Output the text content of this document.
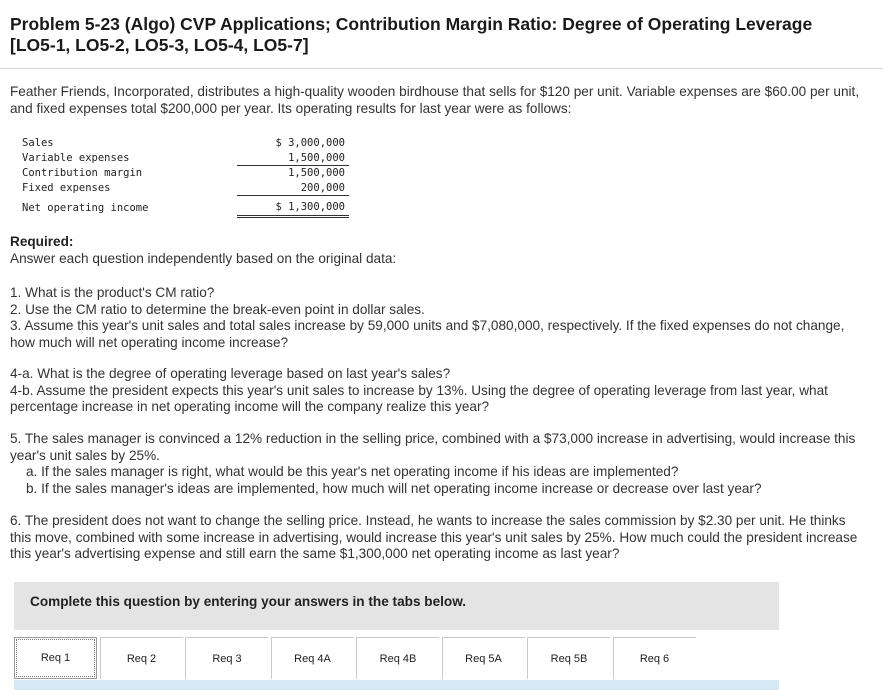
Problem 5-23 (Algo) CVP Applications; Contribution Margin Ratio: Degree of Operating Leverage [LO5-1, LO5-2, LO5-3, LO5-4, LO5-7]
Feather Friends, Incorporated, distributes a high-quality wooden birdhouse that sells for $120 per unit. Variable expenses are $60.00 per unit, and fixed expenses total $200,000 per year. Its operating results for last year were as follows:
Sales	$ 3,000,000
Variable expenses	1,500,000
Contribution margin	1,500,000
Fixed expenses	200,000
Net operating income	$ 1,300,000
Required:
Answer each question independently based on the original data:

1. What is the product's CM ratio?

2. Use the CM ratio to determine the break-even point in dollar sales.

3. Assume this year's unit sales and total sales increase by 59,000 units and $7,080,000, respectively. If the fixed expenses do not change, how much will net operating income increase?

4-a. What is the degree of operating leverage based on last year's sales?

4-b. Assume the president expects this year's unit sales to increase by 13%. Using the degree of operating leverage from last year, what percentage increase in net operating income will the company realize this year?

5. The sales manager is convinced a 12% reduction in the selling price, combined with a $73,000 increase in advertising, would increase this year's unit sales by 25%.

a. If the sales manager is right, what would be this year's net operating income if his ideas are implemented?

b. If the sales manager's ideas are implemented, how much will net operating income increase or decrease over last year?

6. The president does not want to change the selling price. Instead, he wants to increase the sales commission by $2.30 per unit. He thinks this move, combined with some increase in advertising, would increase this year's unit sales by 25%. How much could the president increase this year's advertising expense and still earn the same $1,300,000 net operating income as last year?

Complete this question by entering your answers in the tabs below.
Req 1	Req 2	Req 3	Req 4A	Req 4B	Req 5A	Req 5B	Req 6
